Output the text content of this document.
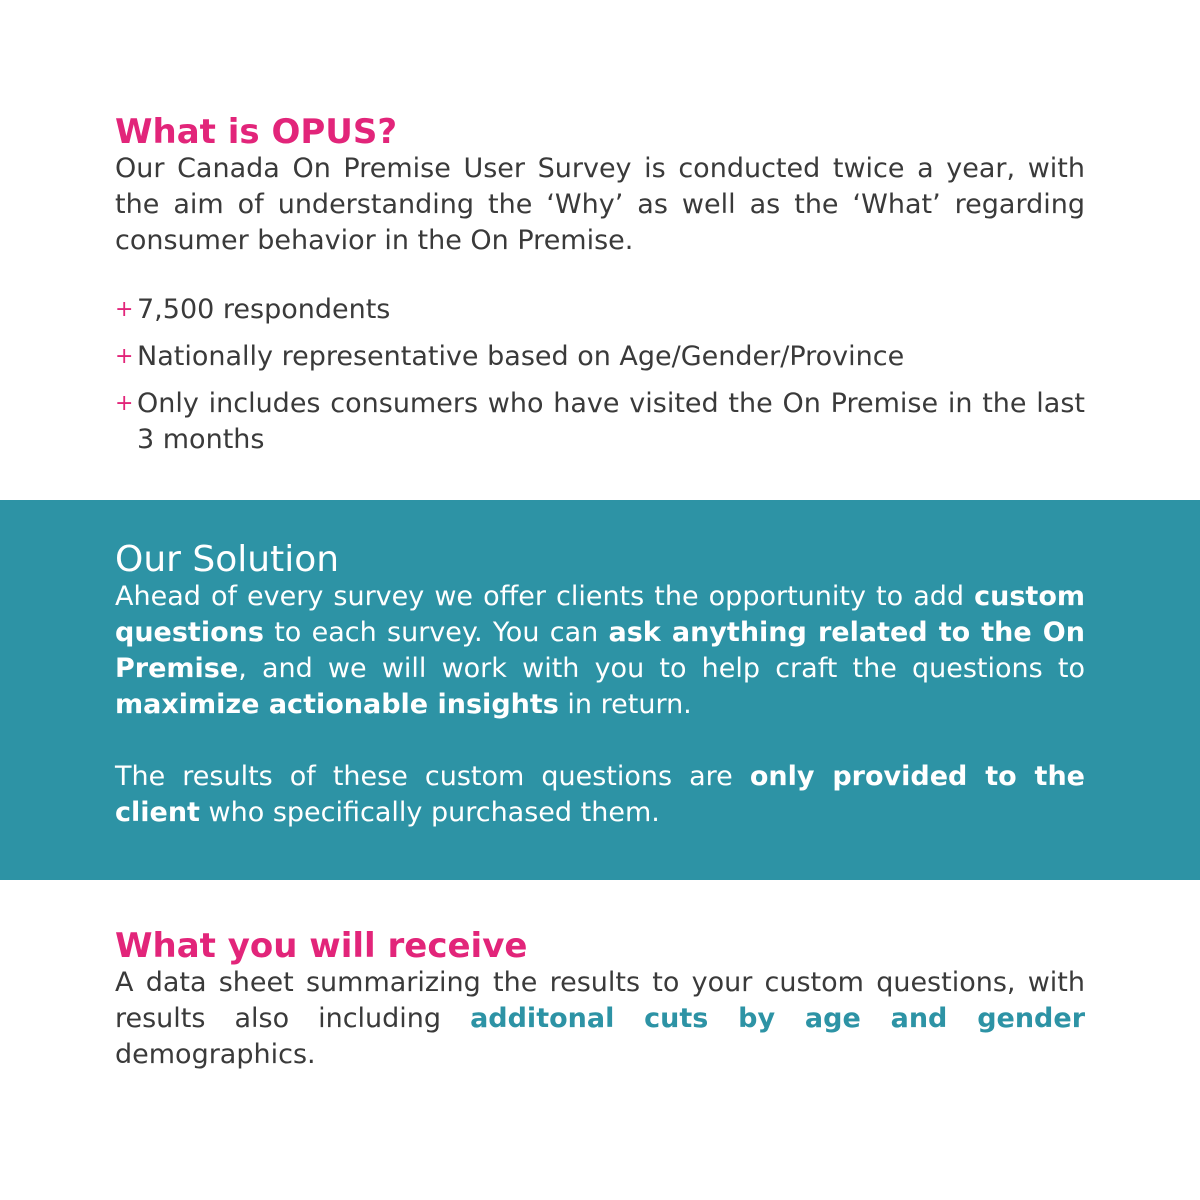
What is OPUS?

Our Canada On Premise User Survey is conducted twice a year, with the aim of understanding the ‘Why’ as well as the ‘What’ regarding consumer behavior in the On Premise.

+ 7,500 respondents
+ Nationally representative based on Age/Gender/Province
+ Only includes consumers who have visited the On Premise in the last 3 months
Our Solution

Ahead of every survey we offer clients the opportunity to add custom questions to each survey. You can ask anything related to the On Premise, and we will work with you to help craft the questions to maximize actionable insights in return.

The results of these custom questions are only provided to the client who specifically purchased them.

What you will receive

A data sheet summarizing the results to your custom questions, with results also including additonal cuts by age and gender demographics.
